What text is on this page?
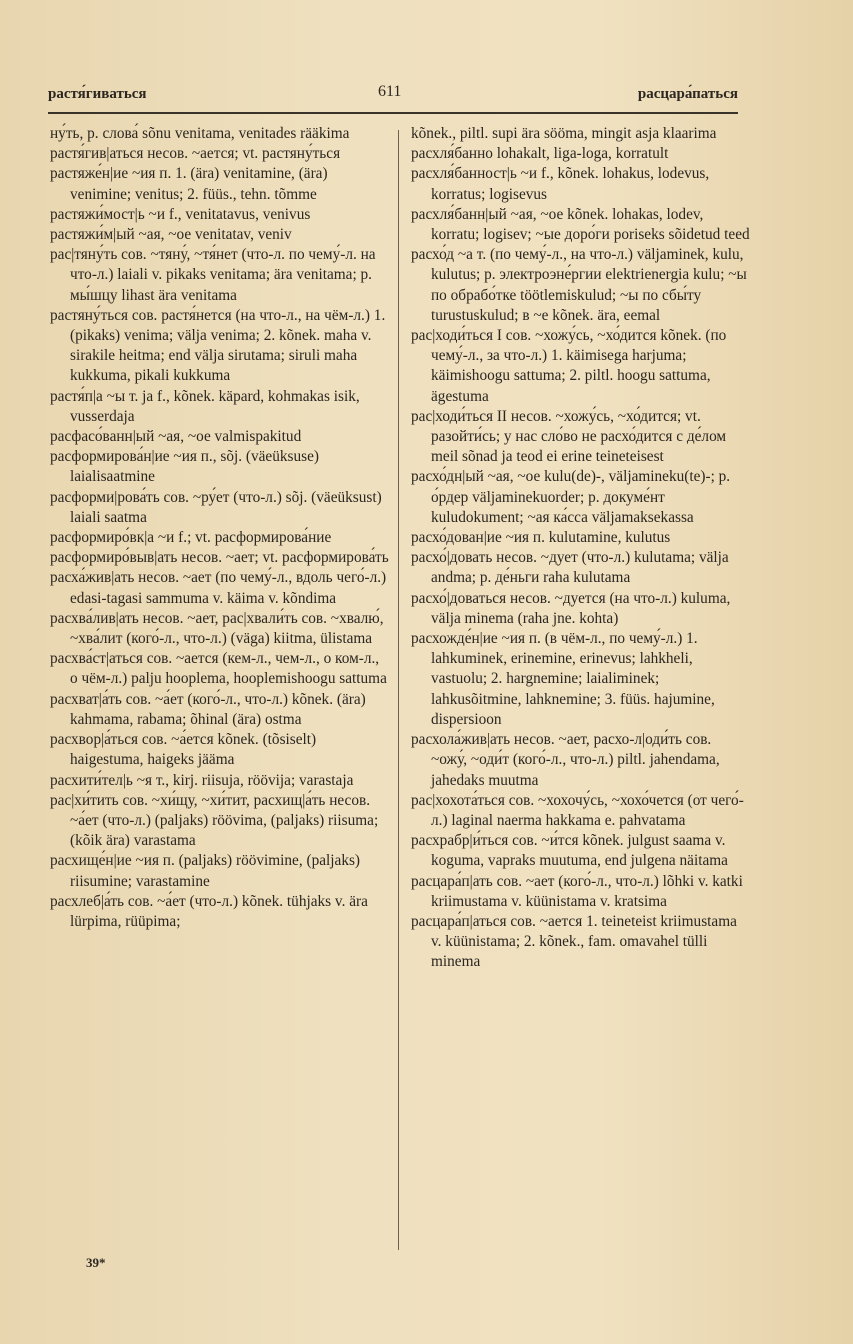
растя́гиваться	611	расцара́паться
ну́ть, р. слова́ sõnu venitama, venitades rääkima
растя́гив|аться несов. ~ается; vt. растяну́ться
растяже́н|ие ~ия п. 1. (ära) venitamine, (ära) venimine; venitus; 2. füüs., tehn. tõmme
растяжи́мост|ь ~и f., venitatavus, venivus
растяжи́м|ый ~ая, ~ое venitatav, veniv
рас|тяну́ть сов. ~тяну́, ~тя́нет (что-л. по чему́-л. на что-л.) laiali v. pikaks venitama; ära venitama; р. мы́шцу lihast ära venitama
растяну́ться сов. растя́нется (на что-л., на чём-л.) 1. (pikaks) venima; välja venima; 2. kõnek. maha v. sirakile heitma; end välja sirutama; siruli maha kukkuma, pikali kukkuma
растя́п|а ~ы т. ja f., kõnek. käpard, kohmakas isik, vusserdaja
расфасо́ванн|ый ~ая, ~ое valmispakitud
расформирова́н|ие ~ия п., sõj. (väeüksuse) laialisaatmine
расформи|рова́ть сов. ~ру́ет (что-л.) sõj. (väeüksust) laiali saatma
расформиро́вк|а ~и f.; vt. расформирова́ние
расформиро́выв|ать несов. ~ает; vt. расформирова́ть
расха́жив|ать несов. ~ает (по чему́-л., вдоль чего́-л.) edasi-tagasi sammuma v. käima v. kõndima
расхва́лив|ать несов. ~ает, рас|хвали́ть сов. ~хвалю́, ~хва́лит (кого́-л., что-л.) (väga) kiitma, ülistama
расхва́ст|аться сов. ~ается (кем-л., чем-л., о ком-л., о чём-л.) palju hooplema, hooplemishoogu sattuma
расхват|а́ть сов. ~а́ет (кого́-л., что-л.) kõnek. (ära) kahmama, rabama; õhinal (ära) ostma
расхвор|а́ться сов. ~а́ется kõnek. (tõsiselt) haigestuma, haigeks jääma
расхити́тел|ь ~я т., kirj. riisuja, röövija; varastaja
рас|хи́тить сов. ~хи́щу, ~хи́тит, расхищ|а́ть несов. ~а́ет (что-л.) (paljaks) röövima, (paljaks) riisuma; (kõik ära) varastama
расхище́н|ие ~ия п. (paljaks) röövimine, (paljaks) riisumine; varastamine
расхлеб|а́ть сов. ~а́ет (что-л.) kõnek. tühjaks v. ära lürpima, rüüpima;
kõnek., piltl. supi ära sööma, mingit asja klaarima
расхля́банно lohakalt, liga-loga, korratult
расхля́банност|ь ~и f., kõnek. lohakus, lodevus, korratus; logisevus
расхля́банн|ый ~ая, ~ое kõnek. lohakas, lodev, korratu; logisev; ~ые доро́ги poriseks sõidetud teed
расхо́д ~а т. (по чему́-л., на что-л.) väljaminek, kulu, kulutus; р. электроэне́ргии elektrienergia kulu; ~ы по обрабо́тке töötlemiskulud; ~ы по сбы́ту turustuskulud; в ~е kõnek. ära, eemal
рас|ходи́ться I сов. ~хожу́сь, ~хо́дится kõnek. (по чему́-л., за что-л.) 1. käimisega harjuma; käimishoogu sattuma; 2. piltl. hoogu sattuma, ägestuma
рас|ходи́ться II несов. ~хожу́сь, ~хо́дится; vt. разойти́сь; у нас сло́во не расхо́дится с де́лом meil sõnad ja teod ei erine teineteisest
расхо́дн|ый ~ая, ~ое kulu(de)-, väljamineku(te)-; р. о́рдер väljaminekuorder; р. докуме́нт kuludokument; ~ая ка́сса väljamaksekassa
расхо́дован|ие ~ия п. kulutamine, kulutus
расхо́|довать несов. ~дует (что-л.) kulutama; välja andma; р. де́ньги raha kulutama
расхо́|доваться несов. ~дуется (на что-л.) kuluma, välja minema (raha jne. kohta)
расхожде́н|ие ~ия п. (в чём-л., по чему́-л.) 1. lahkuminek, erinemine, erinevus; lahkheli, vastuolu; 2. hargnemine; laialiminek; lahkusõitmine, lahknemine; 3. füüs. hajumine, dispersioon
расхола́жив|ать несов. ~ает, расхо-л|оди́ть сов. ~ожу́, ~оди́т (кого́-л., что-л.) piltl. jahendama, jahedaks muutma
рас|хохота́ться сов. ~хохочу́сь, ~хохо́чется (от чего́-л.) laginal naerma hakkama e. pahvatama
расхрабр|и́ться сов. ~и́тся kõnek. julgust saama v. koguma, vapraks muutuma, end julgena näitama
расцара́п|ать сов. ~ает (кого́-л., что-л.) lõhki v. katki kriimustama v. küünistama v. kratsima
расцара́п|аться сов. ~ается 1. teineteist kriimustama v. küünistama; 2. kõnek., fam. omavahel tülli minema
39*
